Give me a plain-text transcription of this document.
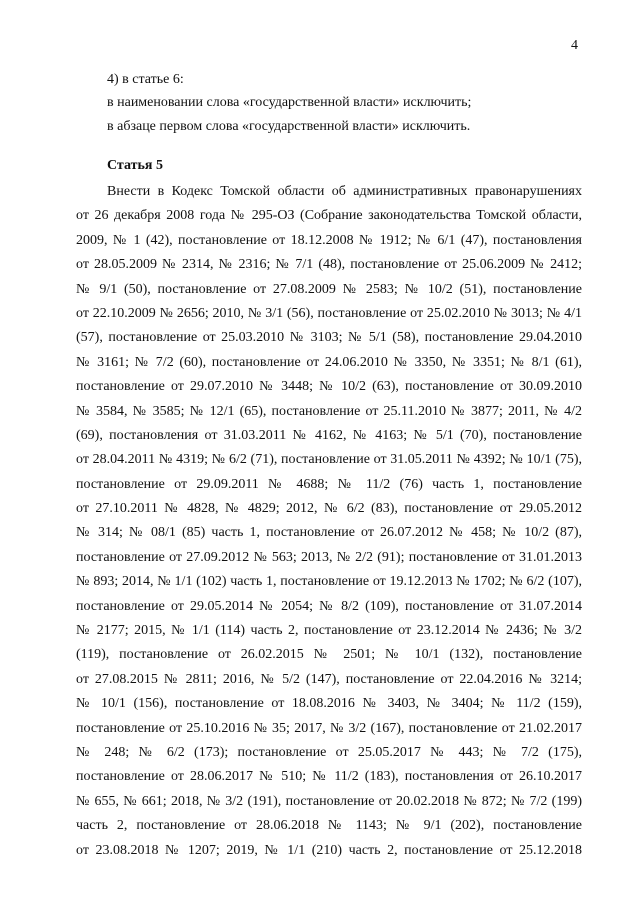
4
4) в статье 6:
в наименовании слова «государственной власти» исключить;
в абзаце первом слова «государственной власти» исключить.
Статья 5
Внести в Кодекс Томской области об административных правонарушениях
от 26 декабря 2008 года № 295-ОЗ (Собрание законодательства Томской области,
2009, № 1 (42), постановление от 18.12.2008 № 1912; № 6/1 (47), постановления
от 28.05.2009 № 2314, № 2316; № 7/1 (48), постановление от 25.06.2009 № 2412;
№ 9/1 (50), постановление от 27.08.2009 № 2583; № 10/2 (51), постановление
от 22.10.2009 № 2656; 2010, № 3/1 (56), постановление от 25.02.2010 № 3013; № 4/1
(57), постановление от 25.03.2010 № 3103; № 5/1 (58), постановление 29.04.2010
№ 3161; № 7/2 (60), постановление от 24.06.2010 № 3350, № 3351; № 8/1 (61),
постановление от 29.07.2010 № 3448; № 10/2 (63), постановление от 30.09.2010
№ 3584, № 3585; № 12/1 (65), постановление от 25.11.2010 № 3877; 2011, № 4/2
(69), постановления от 31.03.2011 № 4162, № 4163; № 5/1 (70), постановление
от 28.04.2011 № 4319; № 6/2 (71), постановление от 31.05.2011 № 4392; № 10/1 (75),
постановление от 29.09.2011 № 4688; № 11/2 (76) часть 1, постановление
от 27.10.2011 № 4828, № 4829; 2012, № 6/2 (83), постановление от 29.05.2012
№ 314; № 08/1 (85) часть 1, постановление от 26.07.2012 № 458; № 10/2 (87),
постановление от 27.09.2012 № 563; 2013, № 2/2 (91); постановление от 31.01.2013
№ 893; 2014, № 1/1 (102) часть 1, постановление от 19.12.2013 № 1702; № 6/2 (107),
постановление от 29.05.2014 № 2054; № 8/2 (109), постановление от 31.07.2014
№ 2177; 2015, № 1/1 (114) часть 2, постановление от 23.12.2014 № 2436; № 3/2
(119), постановление от 26.02.2015 № 2501; № 10/1 (132), постановление
от 27.08.2015 № 2811; 2016, № 5/2 (147), постановление от 22.04.2016 № 3214;
№ 10/1 (156), постановление от 18.08.2016 № 3403, № 3404; № 11/2 (159),
постановление от 25.10.2016 № 35; 2017, № 3/2 (167), постановление от 21.02.2017
№ 248; № 6/2 (173); постановление от 25.05.2017 № 443; № 7/2 (175),
постановление от 28.06.2017 № 510; № 11/2 (183), постановления от 26.10.2017
№ 655, № 661; 2018, № 3/2 (191), постановление от 20.02.2018 № 872; № 7/2 (199)
часть 2, постановление от 28.06.2018 № 1143; № 9/1 (202), постановление
от 23.08.2018 № 1207; 2019, № 1/1 (210) часть 2, постановление от 25.12.2018
